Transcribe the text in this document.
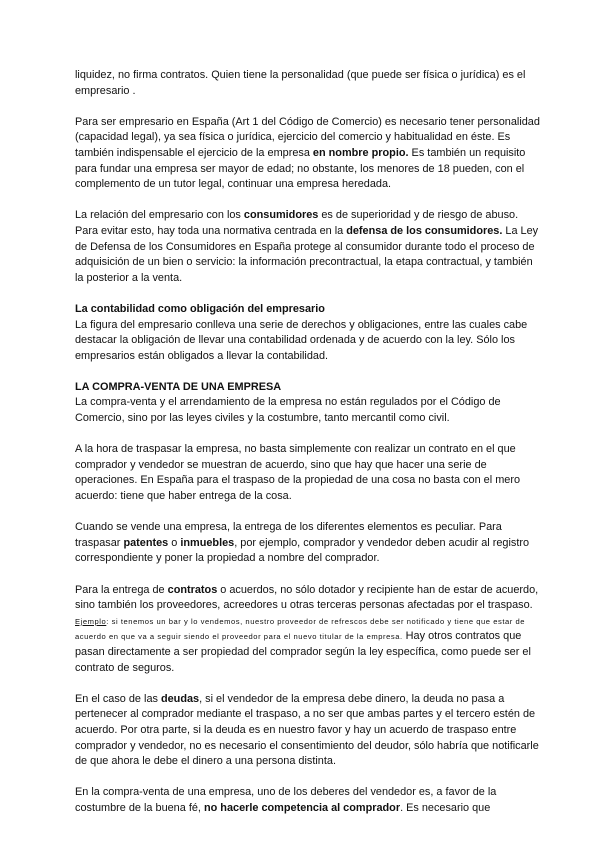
liquidez, no firma contratos. Quien tiene la personalidad (que puede ser física o jurídica) es el empresario .

Para ser empresario en España (Art 1 del Código de Comercio) es necesario tener personalidad (capacidad legal), ya sea física o jurídica, ejercicio del comercio y habitualidad en éste. Es también indispensable el ejercicio de la empresa en nombre propio. Es también un requisito para fundar una empresa ser mayor de edad; no obstante, los menores de 18 pueden, con el complemento de un tutor legal, continuar una empresa heredada.

La relación del empresario con los consumidores es de superioridad y de riesgo de abuso. Para evitar esto, hay toda una normativa centrada en la defensa de los consumidores. La Ley de Defensa de los Consumidores en España protege al consumidor durante todo el proceso de adquisición de un bien o servicio: la información precontractual, la etapa contractual, y también la posterior a la venta.

La contabilidad como obligación del empresario

La figura del empresario conlleva una serie de derechos y obligaciones, entre las cuales cabe destacar la obligación de llevar una contabilidad ordenada y de acuerdo con la ley. Sólo los empresarios están obligados a llevar la contabilidad.

LA COMPRA-VENTA DE UNA EMPRESA

La compra-venta y el arrendamiento de la empresa no están regulados por el Código de Comercio, sino por las leyes civiles y la costumbre, tanto mercantil como civil.

A la hora de traspasar la empresa, no basta simplemente con realizar un contrato en el que comprador y vendedor se muestran de acuerdo, sino que hay que hacer una serie de operaciones. En España para el traspaso de la propiedad de una cosa no basta con el mero acuerdo: tiene que haber entrega de la cosa.

Cuando se vende una empresa, la entrega de los diferentes elementos es peculiar. Para traspasar patentes o inmuebles, por ejemplo, comprador y vendedor deben acudir al registro correspondiente y poner la propiedad a nombre del comprador.

Para la entrega de contratos o acuerdos, no sólo dotador y recipiente han de estar de acuerdo, sino también los proveedores, acreedores u otras terceras personas afectadas por el traspaso. Ejemplo: si tenemos un bar y lo vendemos, nuestro proveedor de refrescos debe ser notificado y tiene que estar de acuerdo en que va a seguir siendo el proveedor para el nuevo titular de la empresa. Hay otros contratos que pasan directamente a ser propiedad del comprador según la ley específica, como puede ser el contrato de seguros.

En el caso de las deudas, si el vendedor de la empresa debe dinero, la deuda no pasa a pertenecer al comprador mediante el traspaso, a no ser que ambas partes y el tercero estén de acuerdo. Por otra parte, si la deuda es en nuestro favor y hay un acuerdo de traspaso entre comprador y vendedor, no es necesario el consentimiento del deudor, sólo habría que notificarle de que ahora le debe el dinero a una persona distinta.

En la compra-venta de una empresa, uno de los deberes del vendedor es, a favor de la costumbre de la buena fé, no hacerle competencia al comprador. Es necesario que
